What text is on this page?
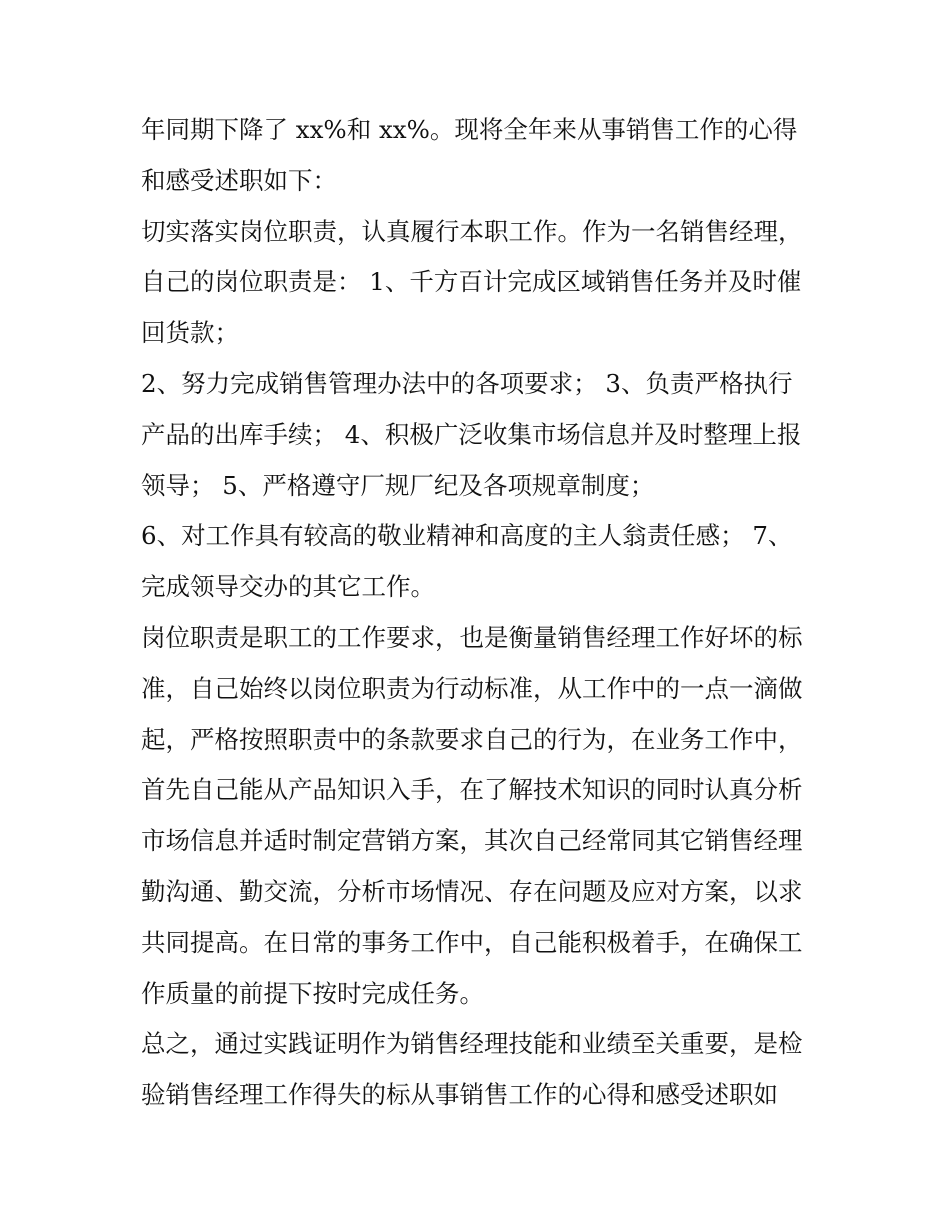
年同期下降了 xx%和 xx%。现将全年来从事销售工作的心得
和感受述职如下：
切实落实岗位职责，认真履行本职工作。作为一名销售经理，
自己的岗位职责是： 1、千方百计完成区域销售任务并及时催
回货款；
2、努力完成销售管理办法中的各项要求； 3、负责严格执行
产品的出库手续； 4、积极广泛收集市场信息并及时整理上报
领导； 5、严格遵守厂规厂纪及各项规章制度；
6、对工作具有较高的敬业精神和高度的主人翁责任感； 7、
完成领导交办的其它工作。
岗位职责是职工的工作要求，也是衡量销售经理工作好坏的标
准，自己始终以岗位职责为行动标准，从工作中的一点一滴做
起，严格按照职责中的条款要求自己的行为，在业务工作中，
首先自己能从产品知识入手，在了解技术知识的同时认真分析
市场信息并适时制定营销方案，其次自己经常同其它销售经理
勤沟通、勤交流，分析市场情况、存在问题及应对方案，以求
共同提高。在日常的事务工作中，自己能积极着手，在确保工
作质量的前提下按时完成任务。
总之，通过实践证明作为销售经理技能和业绩至关重要，是检
验销售经理工作得失的标从事销售工作的心得和感受述职如
